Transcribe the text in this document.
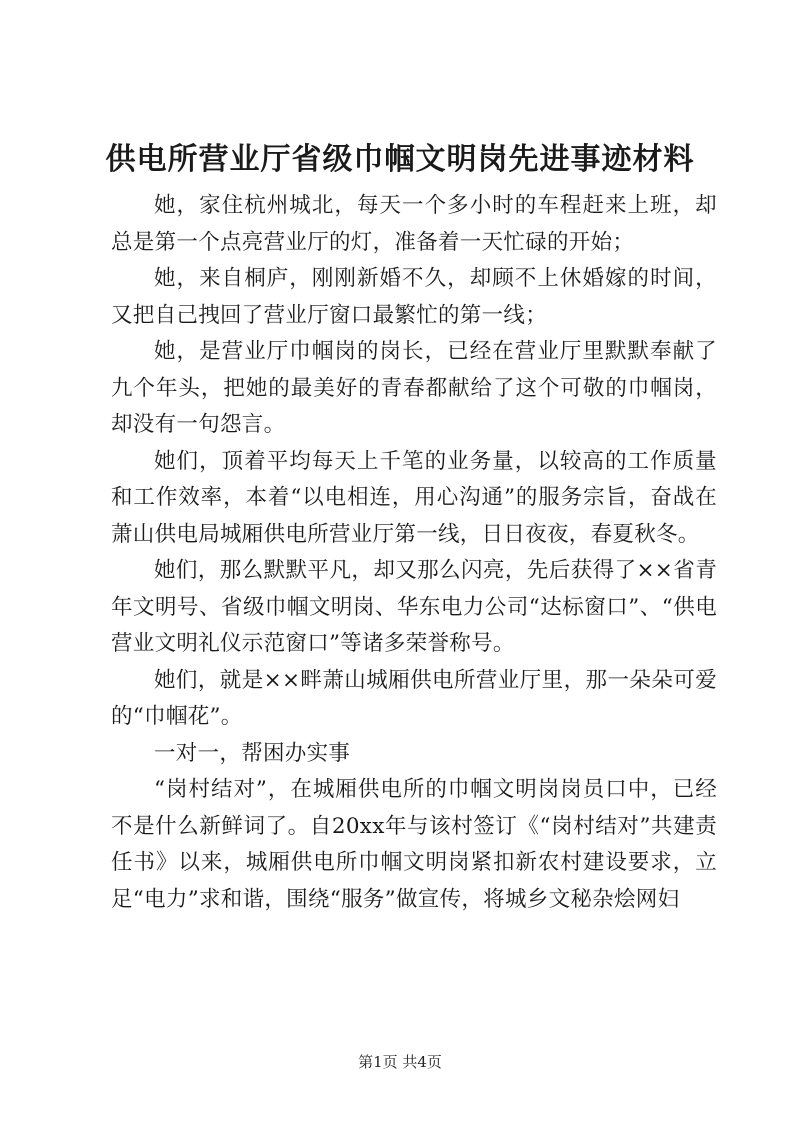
供电所营业厅省级巾帼文明岗先进事迹材料

她，家住杭州城北，每天一个多小时的车程赶来上班，却总是第一个点亮营业厅的灯，准备着一天忙碌的开始；

她，来自桐庐，刚刚新婚不久，却顾不上休婚嫁的时间，又把自己拽回了营业厅窗口最繁忙的第一线；

她，是营业厅巾帼岗的岗长，已经在营业厅里默默奉献了九个年头，把她的最美好的青春都献给了这个可敬的巾帼岗，却没有一句怨言。

她们，顶着平均每天上千笔的业务量，以较高的工作质量和工作效率，本着“以电相连，用心沟通”的服务宗旨，奋战在萧山供电局城厢供电所营业厅第一线，日日夜夜，春夏秋冬。

她们，那么默默平凡，却又那么闪亮，先后获得了××省青年文明号、省级巾帼文明岗、华东电力公司“达标窗口”、“供电营业文明礼仪示范窗口”等诸多荣誉称号。

她们，就是××畔萧山城厢供电所营业厅里，那一朵朵可爱的“巾帼花”。

一对一，帮困办实事

“岗村结对”，在城厢供电所的巾帼文明岗岗员口中，已经不是什么新鲜词了。自20xx年与该村签订《“岗村结对”共建责任书》以来，城厢供电所巾帼文明岗紧扣新农村建设要求，立足“电力”求和谐，围绕“服务”做宣传，将城乡文秘杂烩网妇

第1页 共4页
